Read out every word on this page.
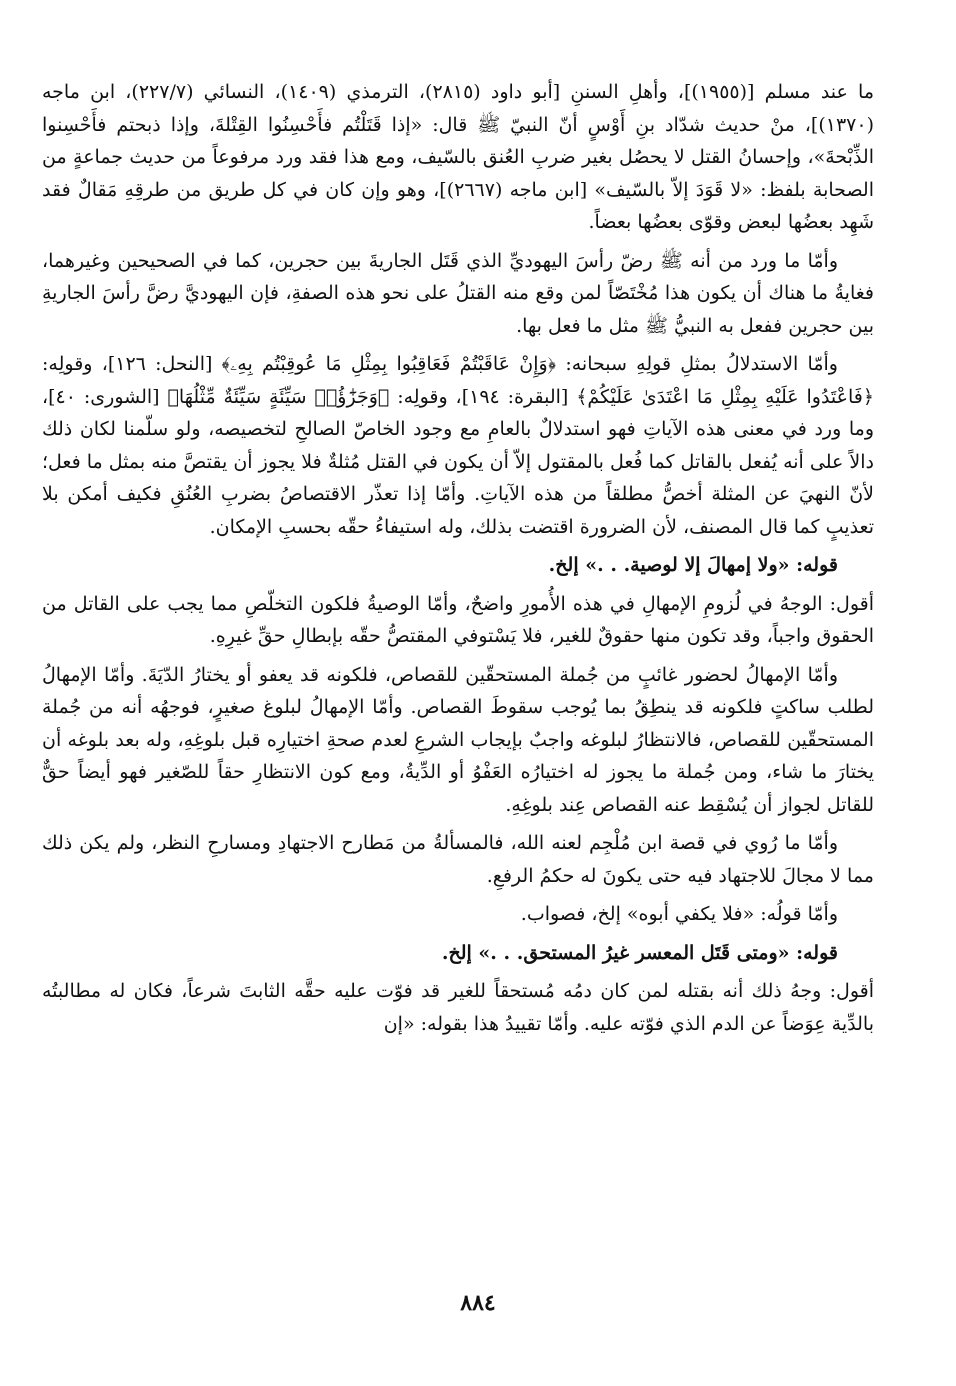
ما عند مسلم [(١٩٥٥)]، وأهلِ السننِ [أبو داود (٢٨١٥)، الترمذي (١٤٠٩)، النسائي (٢٢٧/٧)، ابن ماجه (١٣٧٠)]، منْ حديث شدّاد بنِ أَوْسٍ أنّ النبيّ ﷺ قال: «إذا قَتَلْتُم فأَحْسِنُوا القِتْلةَ، وإذا ذبحتم فأَحْسِنوا الذِّبْحةَ»، وإحسانُ القتل لا يحصُل بغير ضربِ العُنق بالسّيف، ومع هذا فقد ورد مرفوعاً من حديث جماعةٍ من الصحابة بلفظ: «لا قَوَدَ إلاّ بالسّيف» [ابن ماجه (٢٦٦٧)]، وهو وإن كان في كل طريق من طرقِهِ مَقالٌ فقد شَهِد بعضُها لبعض وقوّى بعضُها بعضاً.

وأمّا ما ورد من أنه ﷺ رضّ رأسَ اليهوديِّ الذي قَتَل الجاريةَ بين حجرين، كما في الصحيحين وغيرهما، فغايةُ ما هناك أن يكون هذا مُخْتَصّاً لمن وقع منه القتلُ على نحو هذه الصفةِ، فإن اليهوديَّ رضَّ رأسَ الجاريةِ بين حجرين ففعل به النبيُّ ﷺ مثل ما فعل بها.

وأمّا الاستدلالُ بمثلِ قولِهِ سبحانه: ﴿وَإِنْ عَاقَبْتُمْ فَعَاقِبُوا بِمِثْلِ مَا عُوقِبْتُم بِهِۦ﴾ [النحل: ١٢٦]، وقولِه: ﴿فَاعْتَدُوا عَلَيْهِ بِمِثْلِ مَا اعْتَدَىٰ عَلَيْكُمْ﴾ [البقرة: ١٩٤]، وقولِه: ﴿وَجَزَٰٓؤُا۟ سَيِّئَةٍ سَيِّئَةٌ مِّثْلُهَا﴾ [الشورى: ٤٠]، وما ورد في معنى هذه الآياتِ فهو استدلالٌ بالعامِ مع وجود الخاصّ الصالحِ لتخصيصه، ولو سلّمنا لكان ذلك دالاً على أنه يُفعل بالقاتل كما فُعل بالمقتول إلاّ أن يكون في القتل مُثلةٌ فلا يجوز أن يقتصَّ منه بمثل ما فعل؛ لأنّ النهيَ عن المثلة أخصُّ مطلقاً من هذه الآياتِ. وأمّا إذا تعذّر الاقتصاصُ بضربِ العُنُقِ فكيف أمكن بلا تعذيبٍ كما قال المصنف، لأن الضرورة اقتضت بذلك، وله استيفاءُ حقّه بحسبِ الإمكان.

قوله: «ولا إمهالَ إلا لوصية. . .» إلخ.

أقول: الوجهُ في لُزومِ الإمهالِ في هذه الأُمورِ واضحٌ، وأمّا الوصيةُ فلكون التخلّصِ مما يجب على القاتل من الحقوق واجباً، وقد تكون منها حقوقٌ للغير، فلا يَسْتوفي المقتصُّ حقّه بإبطالِ حقِّ غيرِهِ.

وأمّا الإمهالُ لحضور غائبٍ من جُملة المستحقّين للقصاص، فلكونه قد يعفو أو يختارُ الدّيَةَ. وأمّا الإمهالُ لطلب ساكتٍ فلكونه قد ينطِقُ بما يُوجب سقوطَ القصاص. وأمّا الإمهالُ لبلوغ صغيرٍ، فوجهُه أنه من جُملة المستحقّين للقصاص، فالانتظارُ لبلوغه واجبٌ بإيجاب الشرعِ لعدم صحةِ اختيارِه قبل بلوغِهِ، وله بعد بلوغه أن يختارَ ما شاء، ومن جُملة ما يجوز له اختيارُه العَفْوُ أو الدِّيةُ، ومع كون الانتظارِ حقاً للصّغير فهو أيضاً حقٌّ للقاتل لجواز أن يُسْقِط عنه القصاص عِند بلوغِهِ.

وأمّا ما رُوي في قصة ابن مُلْجِم لعنه الله، فالمسألةُ من مَطارح الاجتهادِ ومسارحِ النظر، ولم يكن ذلك مما لا مجالَ للاجتهاد فيه حتى يكونَ له حكمُ الرفعِ.

وأمّا قولُه: «فلا يكفي أبوه» إلخ، فصواب.

قوله: «ومتى قَتَل المعسر غيرُ المستحق. . .» إلخ.

أقول: وجهُ ذلك أنه بقتله لمن كان دمُه مُستحقاً للغير قد فوّت عليه حقَّه الثابتَ شرعاً، فكان له مطالبتُه بالدِّية عِوَضاً عن الدم الذي فوّته عليه. وأمّا تقييدُ هذا بقوله: «إن

٨٨٤
